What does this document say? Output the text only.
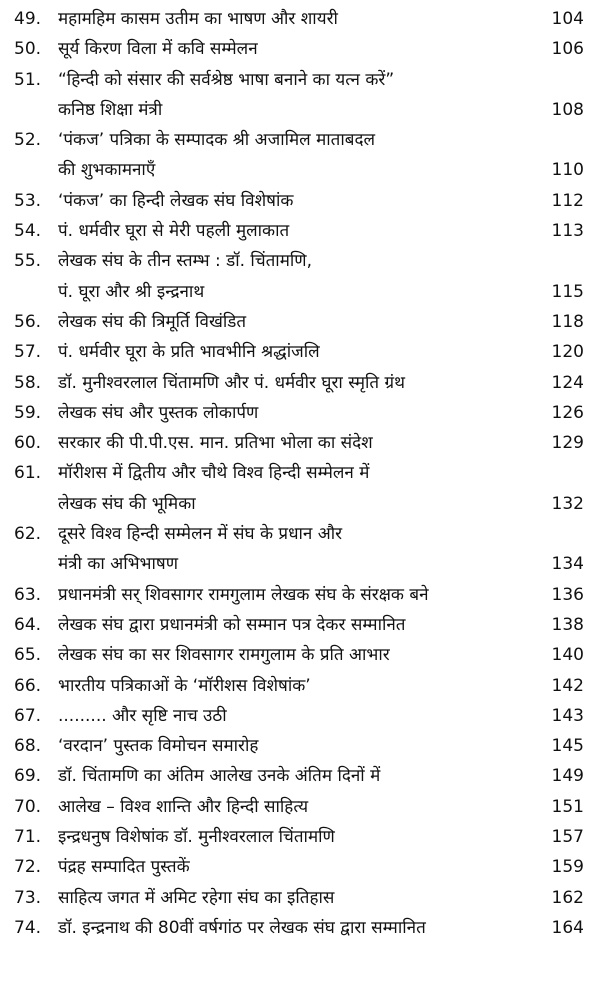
49. महामहिम कासम उतीम का भाषण और शायरी	104
50. सूर्य किरण विला में कवि सम्मेलन	106
51. “हिन्दी को संसार की सर्वश्रेष्ठ भाषा बनाने का यत्न करें”
कनिष्ठ शिक्षा मंत्री	108
52. ‘पंकज’ पत्रिका के सम्पादक श्री अजामिल माताबदल
की शुभकामनाएँ	110
53. ‘पंकज’ का हिन्दी लेखक संघ विशेषांक	112
54. पं. धर्मवीर घूरा से मेरी पहली मुलाकात	113
55. लेखक संघ के तीन स्तम्भ : डॉ. चिंतामणि,
पं. घूरा और श्री इन्द्रनाथ	115
56. लेखक संघ की त्रिमूर्ति विखंडित	118
57. पं. धर्मवीर घूरा के प्रति भावभीनि श्रद्धांजलि	120
58. डॉ. मुनीश्वरलाल चिंतामणि और पं. धर्मवीर घूरा स्मृति ग्रंथ	124
59. लेखक संघ और पुस्तक लोकार्पण	126
60. सरकार की पी.पी.एस. मान. प्रतिभा भोला का संदेश	129
61. मॉरीशस में द्वितीय और चौथे विश्व हिन्दी सम्मेलन में
लेखक संघ की भूमिका	132
62. दूसरे विश्व हिन्दी सम्मेलन में संघ के प्रधान और
मंत्री का अभिभाषण	134
63. प्रधानमंत्री सर् शिवसागर रामगुलाम लेखक संघ के संरक्षक बने	136
64. लेखक संघ द्वारा प्रधानमंत्री को सम्मान पत्र देकर सम्मानित	138
65. लेखक संघ का सर शिवसागर रामगुलाम के प्रति आभार	140
66. भारतीय पत्रिकाओं के ‘मॉरीशस विशेषांक’	142
67. ......... और सृष्टि नाच उठी	143
68. ‘वरदान’ पुस्तक विमोचन समारोह	145
69. डॉ. चिंतामणि का अंतिम आलेख उनके अंतिम दिनों में	149
70. आलेख – विश्व शान्ति और हिन्दी साहित्य	151
71. इन्द्रधनुष विशेषांक डॉ. मुनीश्वरलाल चिंतामणि	157
72. पंद्रह सम्पादित पुस्तकें	159
73. साहित्य जगत में अमिट रहेगा संघ का इतिहास	162
74. डॉ. इन्द्रनाथ की 80वीं वर्षगांठ पर लेखक संघ द्वारा सम्मानित	164
